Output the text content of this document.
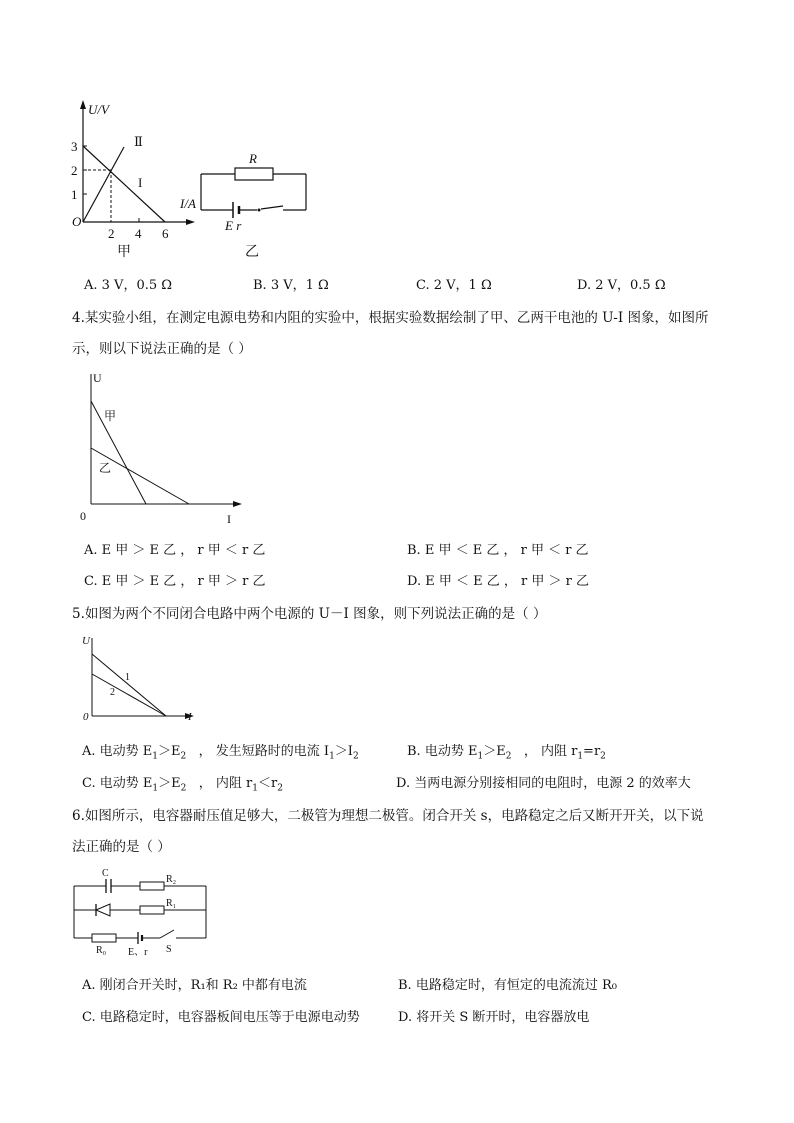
U/V
3
2
1
O
2 4 6
Ⅱ
I
I/A
甲
R
E r
乙
A. 3 V，0.5 Ω	B. 3 V，1 Ω	C. 2 V，1 Ω	D. 2 V，0.5 Ω
4.某实验小组，在测定电源电势和内阻的实验中，根据实验数据绘制了甲、乙两干电池的 U-I 图象，如图所
示，则以下说法正确的是（ ）
U
甲
乙
0	I
A. E 甲 ＞ E 乙 ， r 甲 ＜ r 乙	B. E 甲 ＜ E 乙 ， r 甲 ＜ r 乙
C. E 甲 ＞ E 乙 ， r 甲 ＞ r 乙	D. E 甲 ＜ E 乙 ， r 甲 ＞ r 乙
5.如图为两个不同闭合电路中两个电源的 U－I 图象，则下列说法正确的是（ ）
U
1
2
0	I
A. 电动势 $E_1>E_2$ ， 发生短路时的电流 $I_1>I_2$	B. 电动势 $E_1>E_2$ ， 内阻 $r_1=r_2$
C. 电动势 $E_1>E_2$ ， 内阻 $r_1<r_2$	D. 当两电源分别接相同的电阻时，电源 2 的效率大
6.如图所示，电容器耐压值足够大，二极管为理想二极管。闭合开关 s，电路稳定之后又断开开关，以下说
法正确的是（ ）
C
R₂
R₁
R₀ E、r S
A. 刚闭合开关时，R₁和 R₂ 中都有电流	B. 电路稳定时，有恒定的电流流过 R₀
C. 电路稳定时，电容器板间电压等于电源电动势	D. 将开关 S 断开时，电容器放电
